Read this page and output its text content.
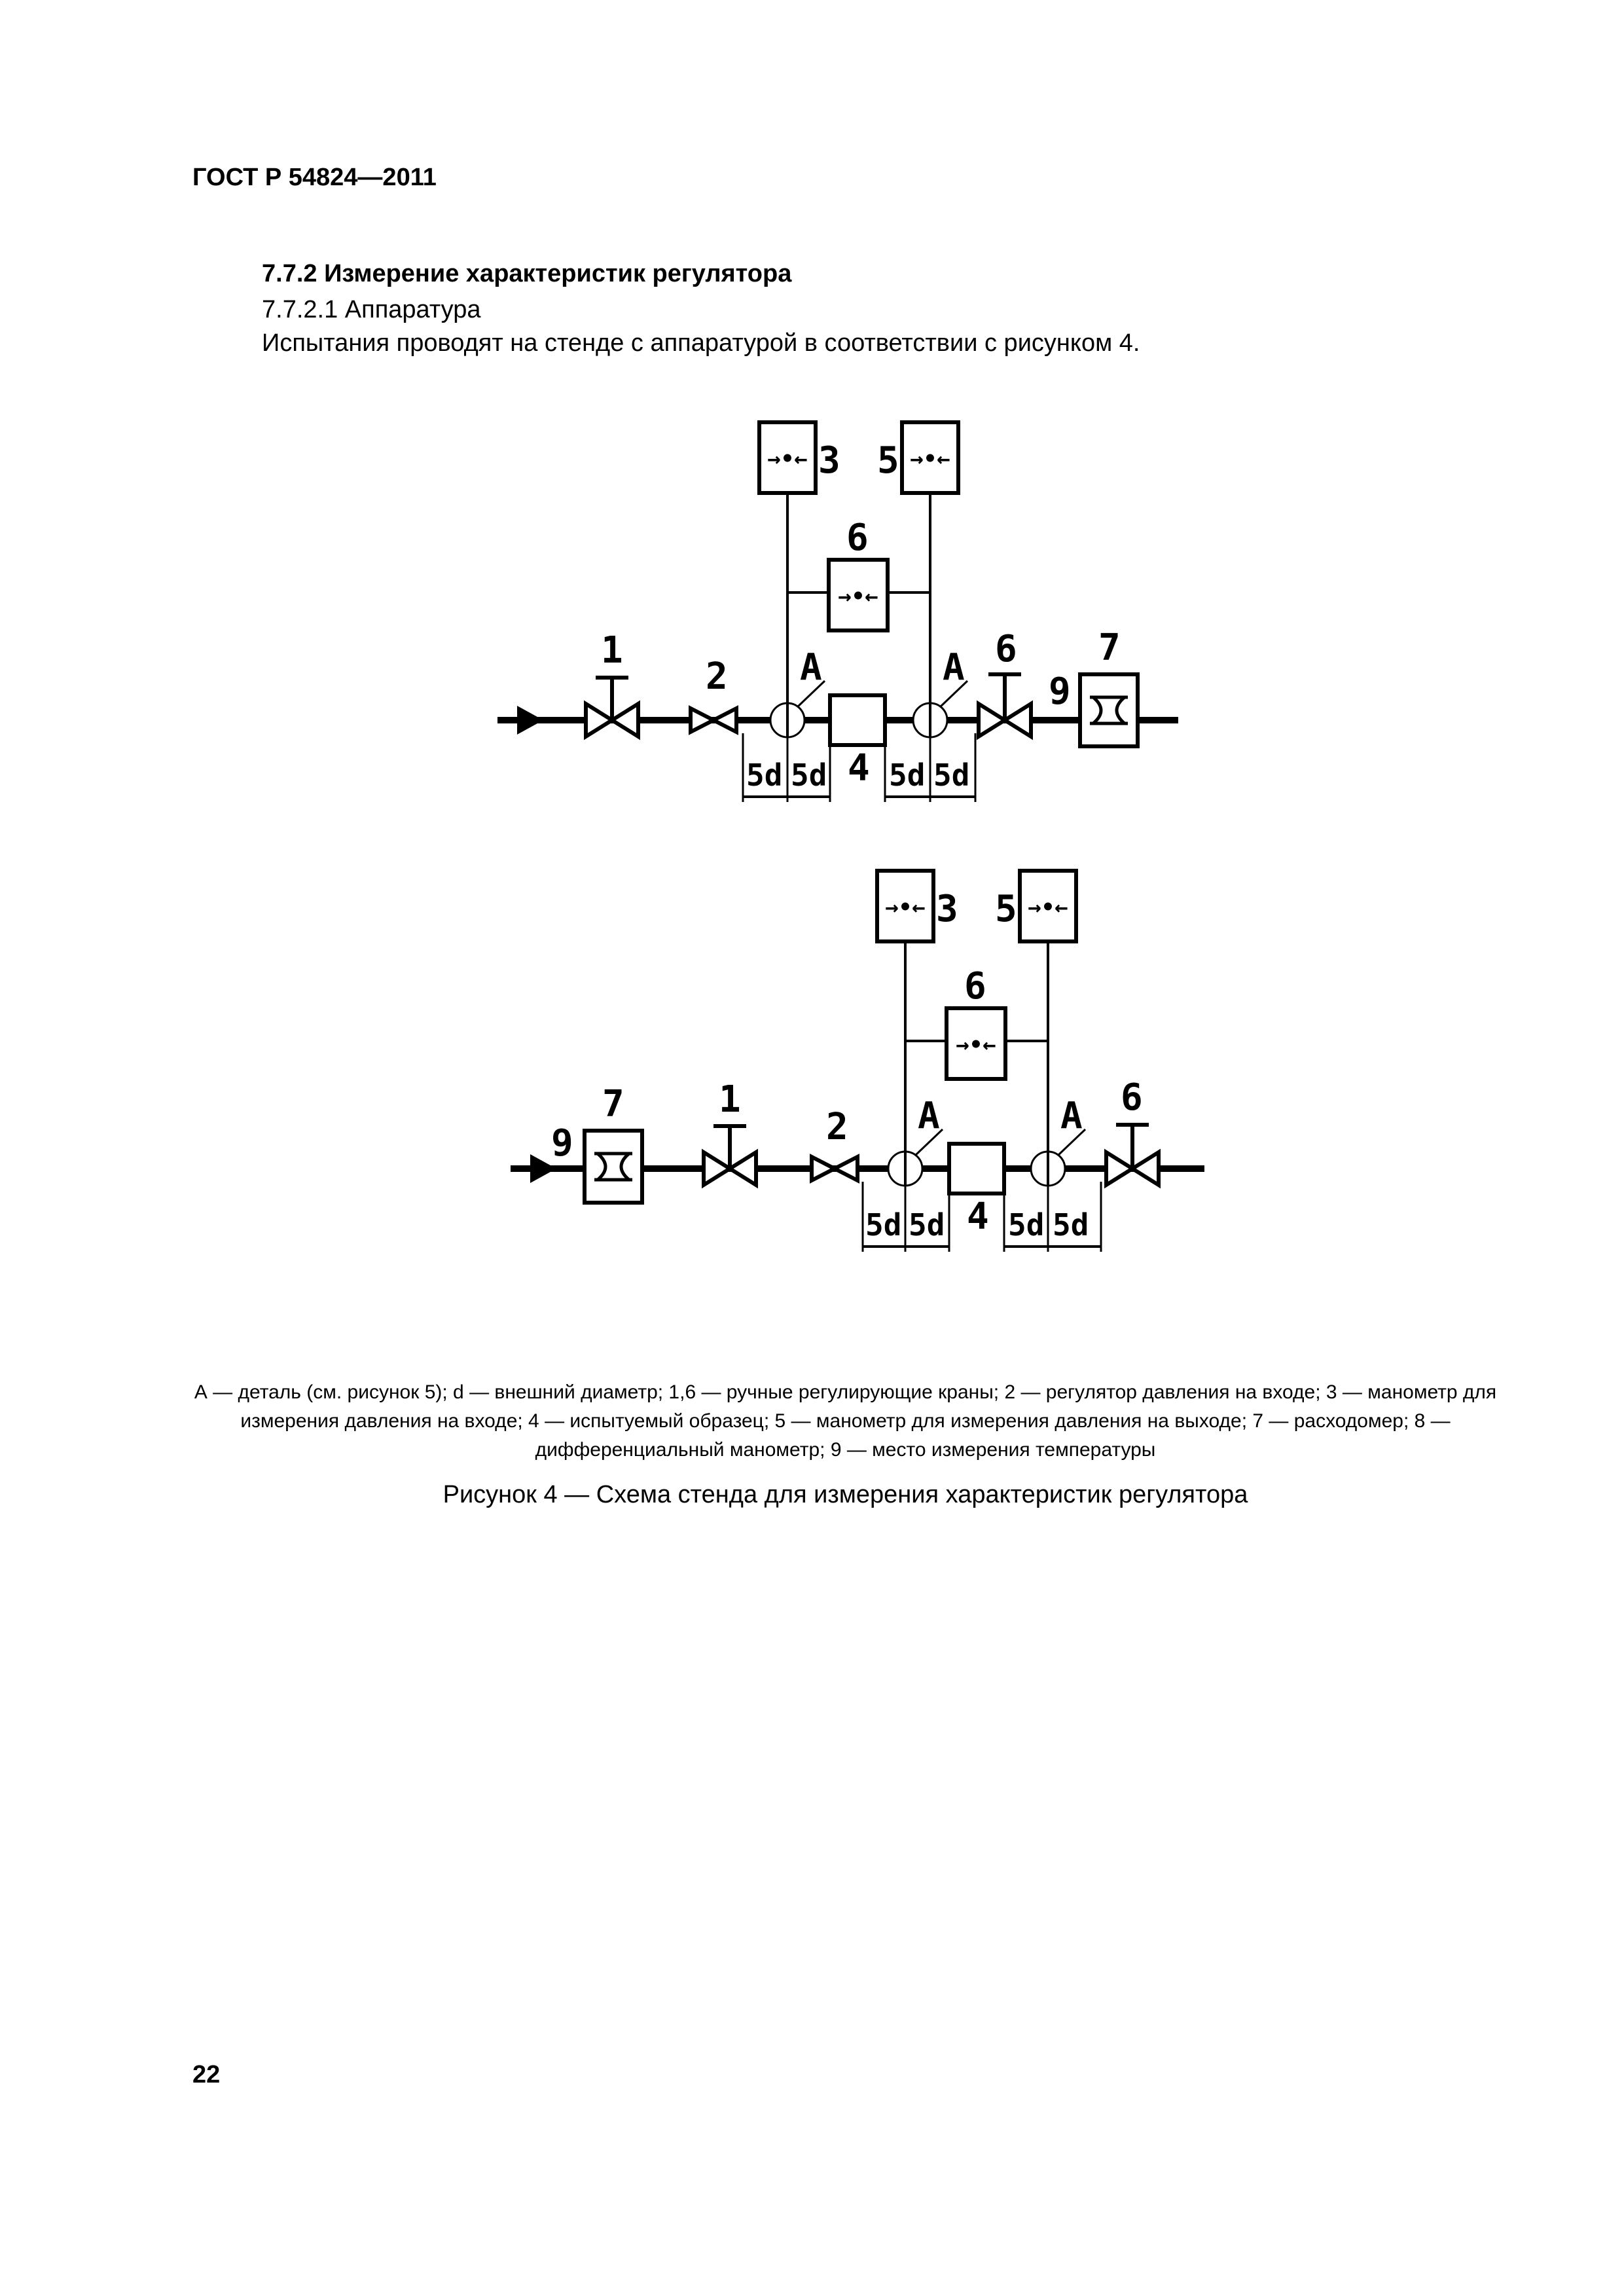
ГОСТ Р 54824—2011
7.7.2 Измерение характеристик регулятора
7.7.2.1 Аппаратура
Испытания проводят на стенде с аппаратурой в соответствии с рисунком 4.
→•←	→•←
→•←
3 5
6
1
2 А	А 6 7
9
4
5d 5d 5d 5d
→•←	→•←
→•←
3 5
6
7
9
1
2 А	А 6
4
5d 5d 5d 5d
А — деталь (см. рисунок 5); d — внешний диаметр; 1,6 — ручные регулирующие краны; 2 — регулятор давления на входе; 3 — манометр для измерения давления на входе; 4 — испытуемый образец; 5 — манометр для измерения давления на выходе; 7 — расходомер; 8 — дифференциальный манометр; 9 — место измерения температуры
Рисунок 4 — Схема стенда для измерения характеристик регулятора
22
